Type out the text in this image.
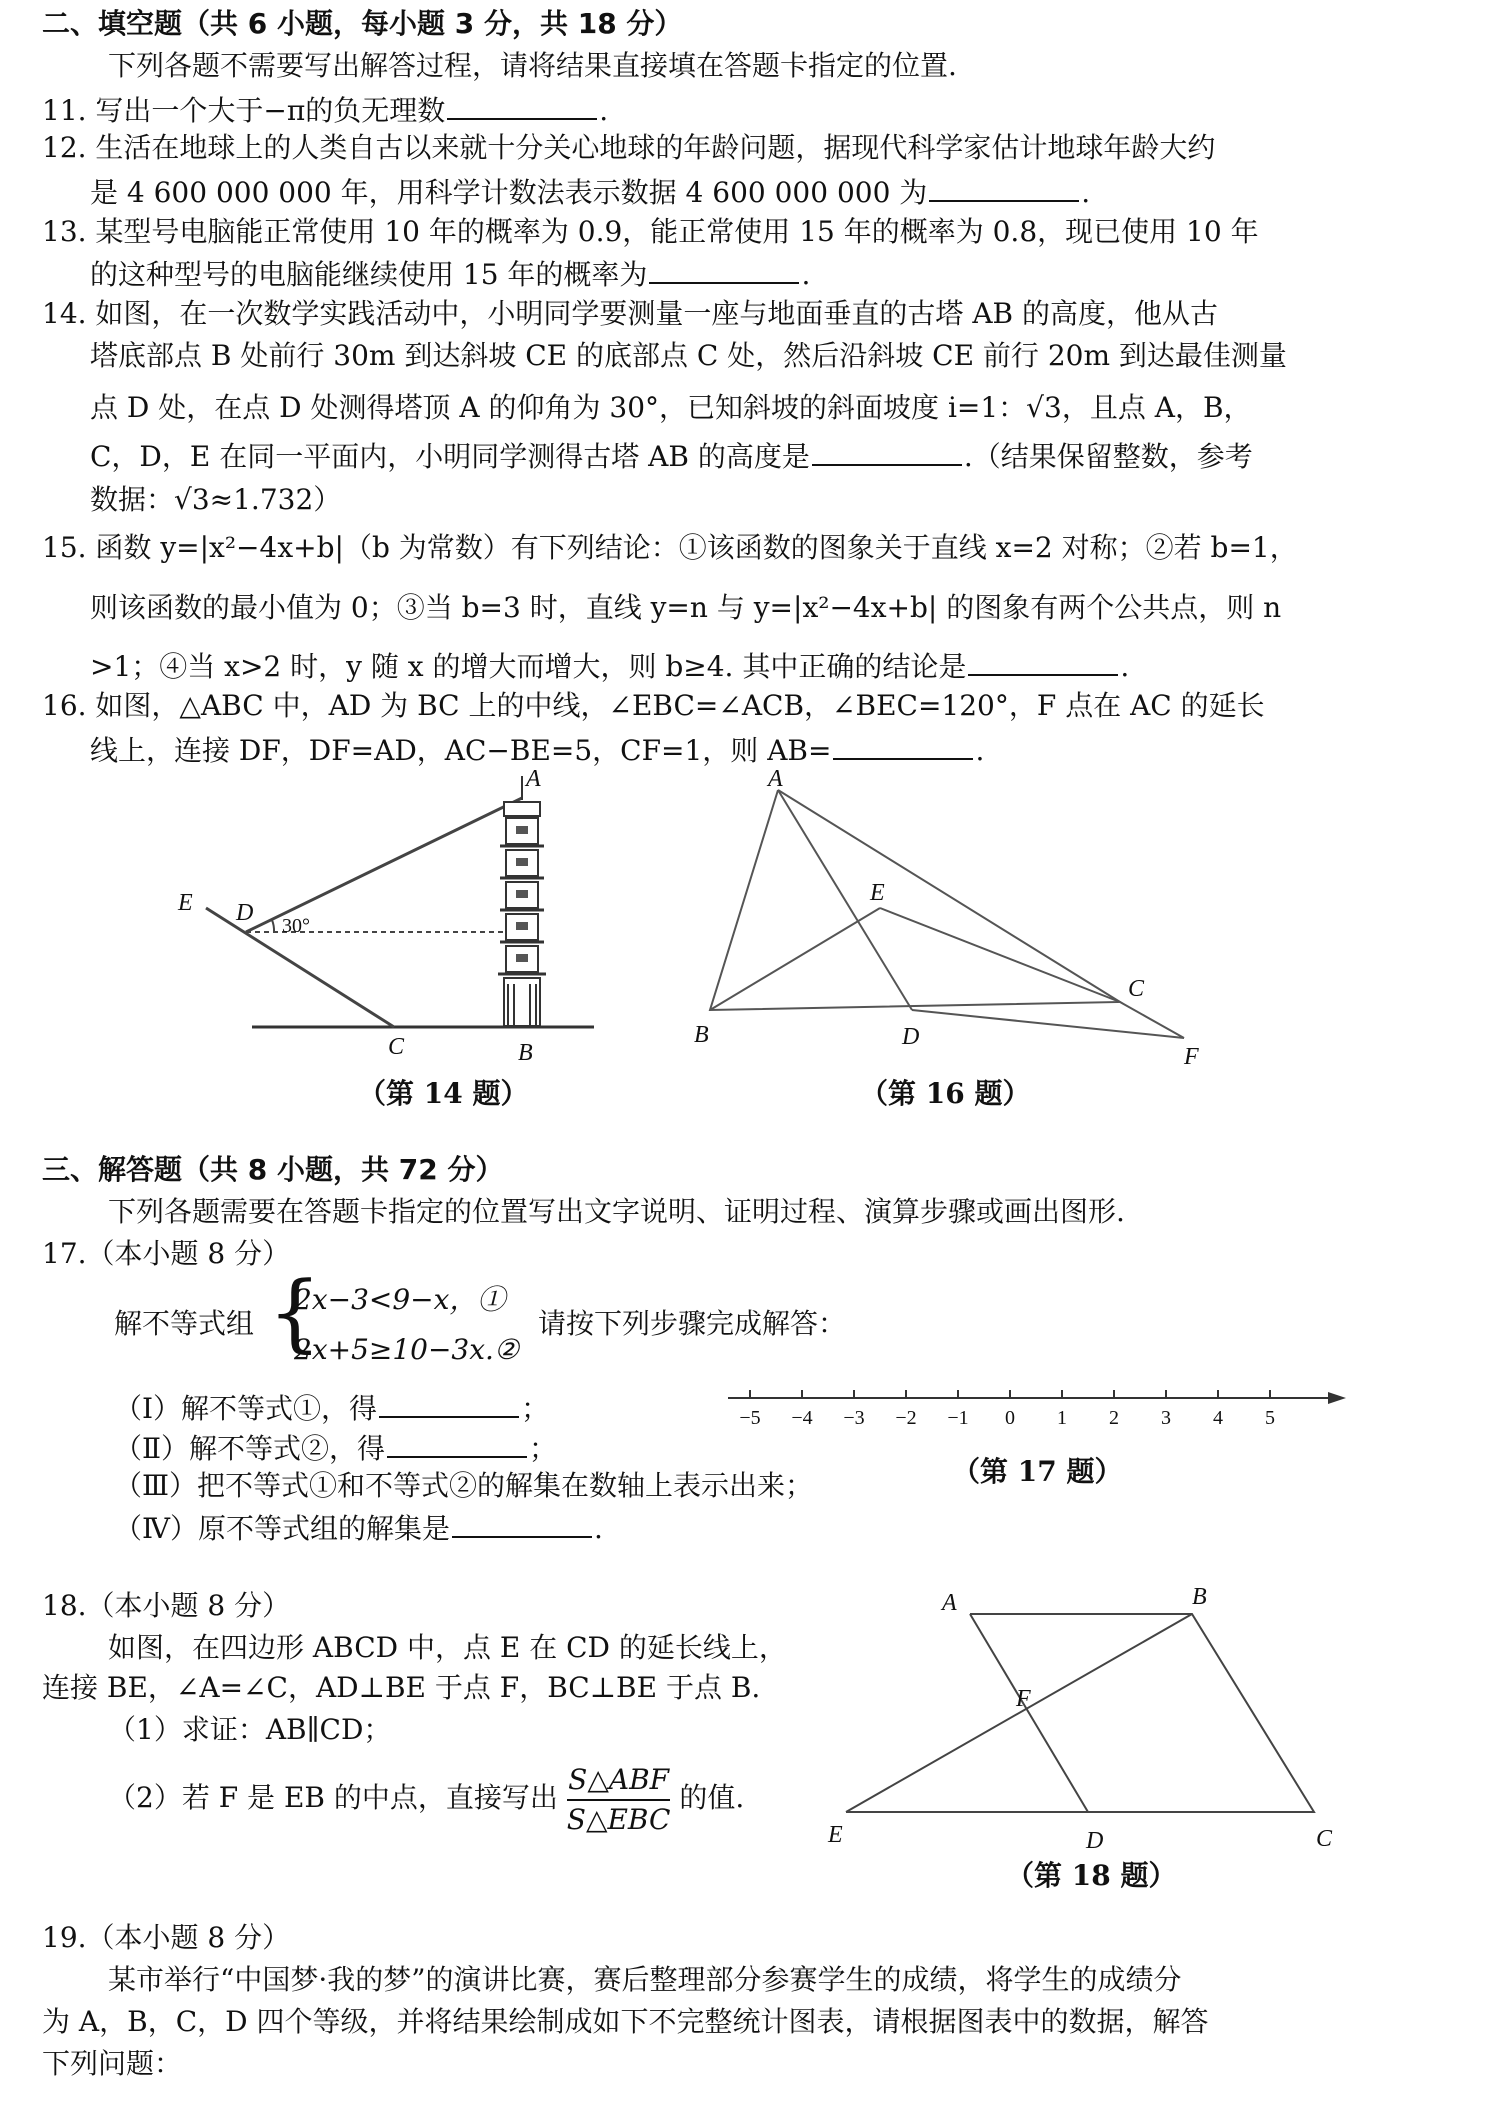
二、填空题（共 6 小题，每小题 3 分，共 18 分）
下列各题不需要写出解答过程，请将结果直接填在答题卡指定的位置.
11. 写出一个大于−π的负无理数	.
12. 生活在地球上的人类自古以来就十分关心地球的年龄问题，据现代科学家估计地球年龄大约
是 4 600 000 000 年，用科学计数法表示数据 4 600 000 000 为	.
13. 某型号电脑能正常使用 10 年的概率为 0.9，能正常使用 15 年的概率为 0.8，现已使用 10 年
的这种型号的电脑能继续使用 15 年的概率为	.
14. 如图，在一次数学实践活动中，小明同学要测量一座与地面垂直的古塔 AB 的高度，他从古
塔底部点 B 处前行 30m 到达斜坡 CE 的底部点 C 处，然后沿斜坡 CE 前行 20m 到达最佳测量
点 D 处，在点 D 处测得塔顶 A 的仰角为 30°，已知斜坡的斜面坡度 i=1：√3，且点 A，B，
C，D，E 在同一平面内，小明同学测得古塔 AB 的高度是	.（结果保留整数，参考
数据：√3≈1.732）
15. 函数 y=|x²−4x+b|（b 为常数）有下列结论：①该函数的图象关于直线 x=2 对称；②若 b=1，
则该函数的最小值为 0；③当 b=3 时，直线 y=n 与 y=|x²−4x+b| 的图象有两个公共点，则 n
>1；④当 x>2 时，y 随 x 的增大而增大，则 b≥4. 其中正确的结论是	.
16. 如图，△ABC 中，AD 为 BC 上的中线，∠EBC=∠ACB，∠BEC=120°，F 点在 AC 的延长
线上，连接 DF，DF=AD，AC−BE=5，CF=1，则 AB=	.
A
B
C
D
E
30°
（第 14 题）
A
B
C
D
E
F
（第 16 题）
三、解答题（共 8 小题，共 72 分）
下列各题需要在答题卡指定的位置写出文字说明、证明过程、演算步骤或画出图形.
17.（本小题 8 分）
解不等式组 {
2x−3<9−x，①
2x+5≥10−3x.②
请按下列步骤完成解答：
（Ⅰ）解不等式①，得	；
（Ⅱ）解不等式②，得	；
（Ⅲ）把不等式①和不等式②的解集在数轴上表示出来；
（Ⅳ）原不等式组的解集是	.
−5 −4 −3 −2 −1 0 1 2 3 4 5
（第 17 题）
18.（本小题 8 分）
如图，在四边形 ABCD 中，点 E 在 CD 的延长线上，
连接 BE，∠A=∠C，AD⊥BE 于点 F，BC⊥BE 于点 B.
（1）求证：AB∥CD；
（2）若 F 是 EB 的中点，直接写出 $\frac{\text{S△ABF}}{\text{S△EBC}}$ 的值.
A	B
C
D
E
F
（第 18 题）
19.（本小题 8 分）
某市举行“中国梦·我的梦”的演讲比赛，赛后整理部分参赛学生的成绩，将学生的成绩分
为 A，B，C，D 四个等级，并将结果绘制成如下不完整统计图表，请根据图表中的数据，解答
下列问题：
